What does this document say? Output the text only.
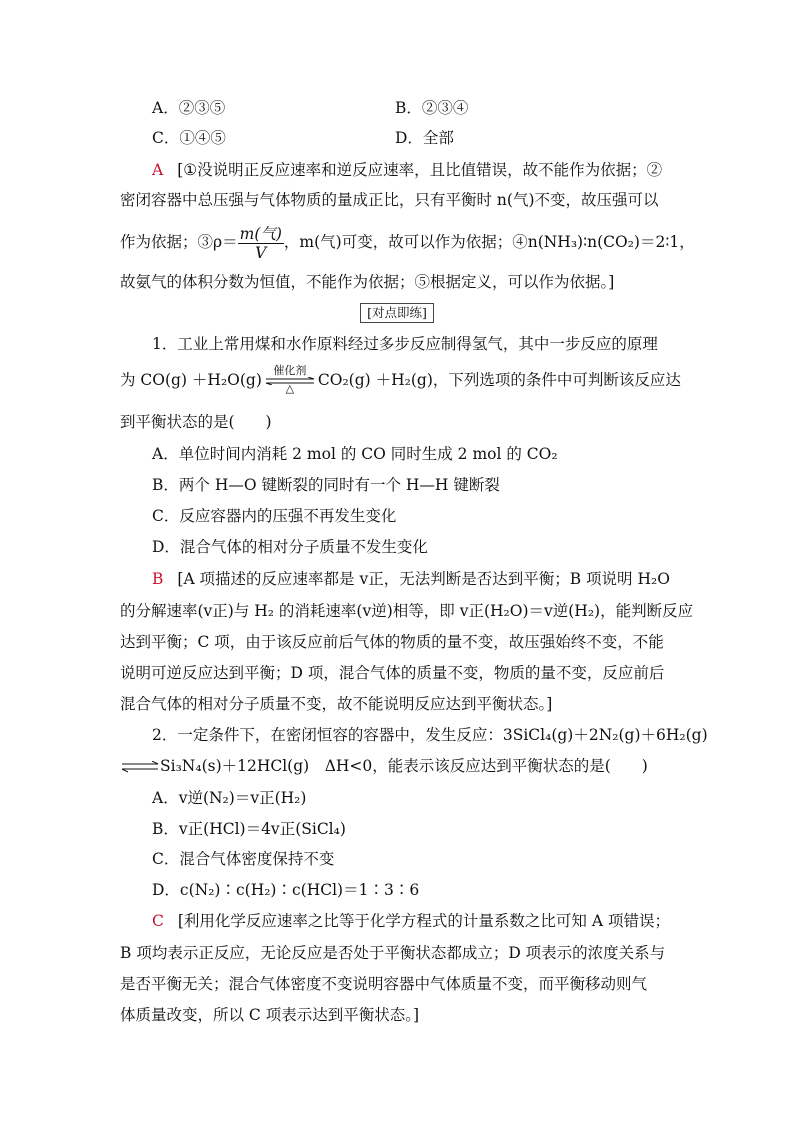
A．②③⑤	B．②③④
C．①④⑤	D．全部
A [①没说明正反应速率和逆反应速率，且比值错误，故不能作为依据；②
密闭容器中总压强与气体物质的量成正比，只有平衡时 n(气)不变，故压强可以
作为依据；③ρ＝ $\frac{\text{m(气)}}{V}$ ，m(气)可变，故可以作为依据；④n(NH₃)∶n(CO₂)＝2∶1，
故氨气的体积分数为恒值，不能作为依据；⑤根据定义，可以作为依据。]
[对点即练]
1．工业上常用煤和水作原料经过多步反应制得氢气，其中一步反应的原理
为 CO(g) ＋H₂O(g)
催化剂
△	CO₂(g) ＋H₂(g)，下列选项的条件中可判断该反应达
到平衡状态的是(　　)
A．单位时间内消耗 2 mol 的 CO 同时生成 2 mol 的 CO₂
B．两个 H—O 键断裂的同时有一个 H—H 键断裂
C．反应容器内的压强不再发生变化
D．混合气体的相对分子质量不发生变化
B [A 项描述的反应速率都是 v正，无法判断是否达到平衡；B 项说明 H₂O
的分解速率(v正)与 H₂ 的消耗速率(v逆)相等，即 v正(H₂O)＝v逆(H₂)，能判断反应
达到平衡；C 项，由于该反应前后气体的物质的量不变，故压强始终不变，不能
说明可逆反应达到平衡；D 项，混合气体的质量不变，物质的量不变，反应前后
混合气体的相对分子质量不变，故不能说明反应达到平衡状态。]
2．一定条件下，在密闭恒容的容器中，发生反应：3SiCl₄(g)＋2N₂(g)＋6H₂(g)
⇌Si₃N₄(s)＋12HCl(g)　ΔH<0，能表示该反应达到平衡状态的是(　　)
A．v逆(N₂)＝v正(H₂)
B．v正(HCl)＝4v正(SiCl₄)
C．混合气体密度保持不变
D．c(N₂)∶c(H₂)∶c(HCl)＝1∶3∶6
C [利用化学反应速率之比等于化学方程式的计量系数之比可知 A 项错误；
B 项均表示正反应，无论反应是否处于平衡状态都成立；D 项表示的浓度关系与
是否平衡无关；混合气体密度不变说明容器中气体质量不变，而平衡移动则气
体质量改变，所以 C 项表示达到平衡状态。]
